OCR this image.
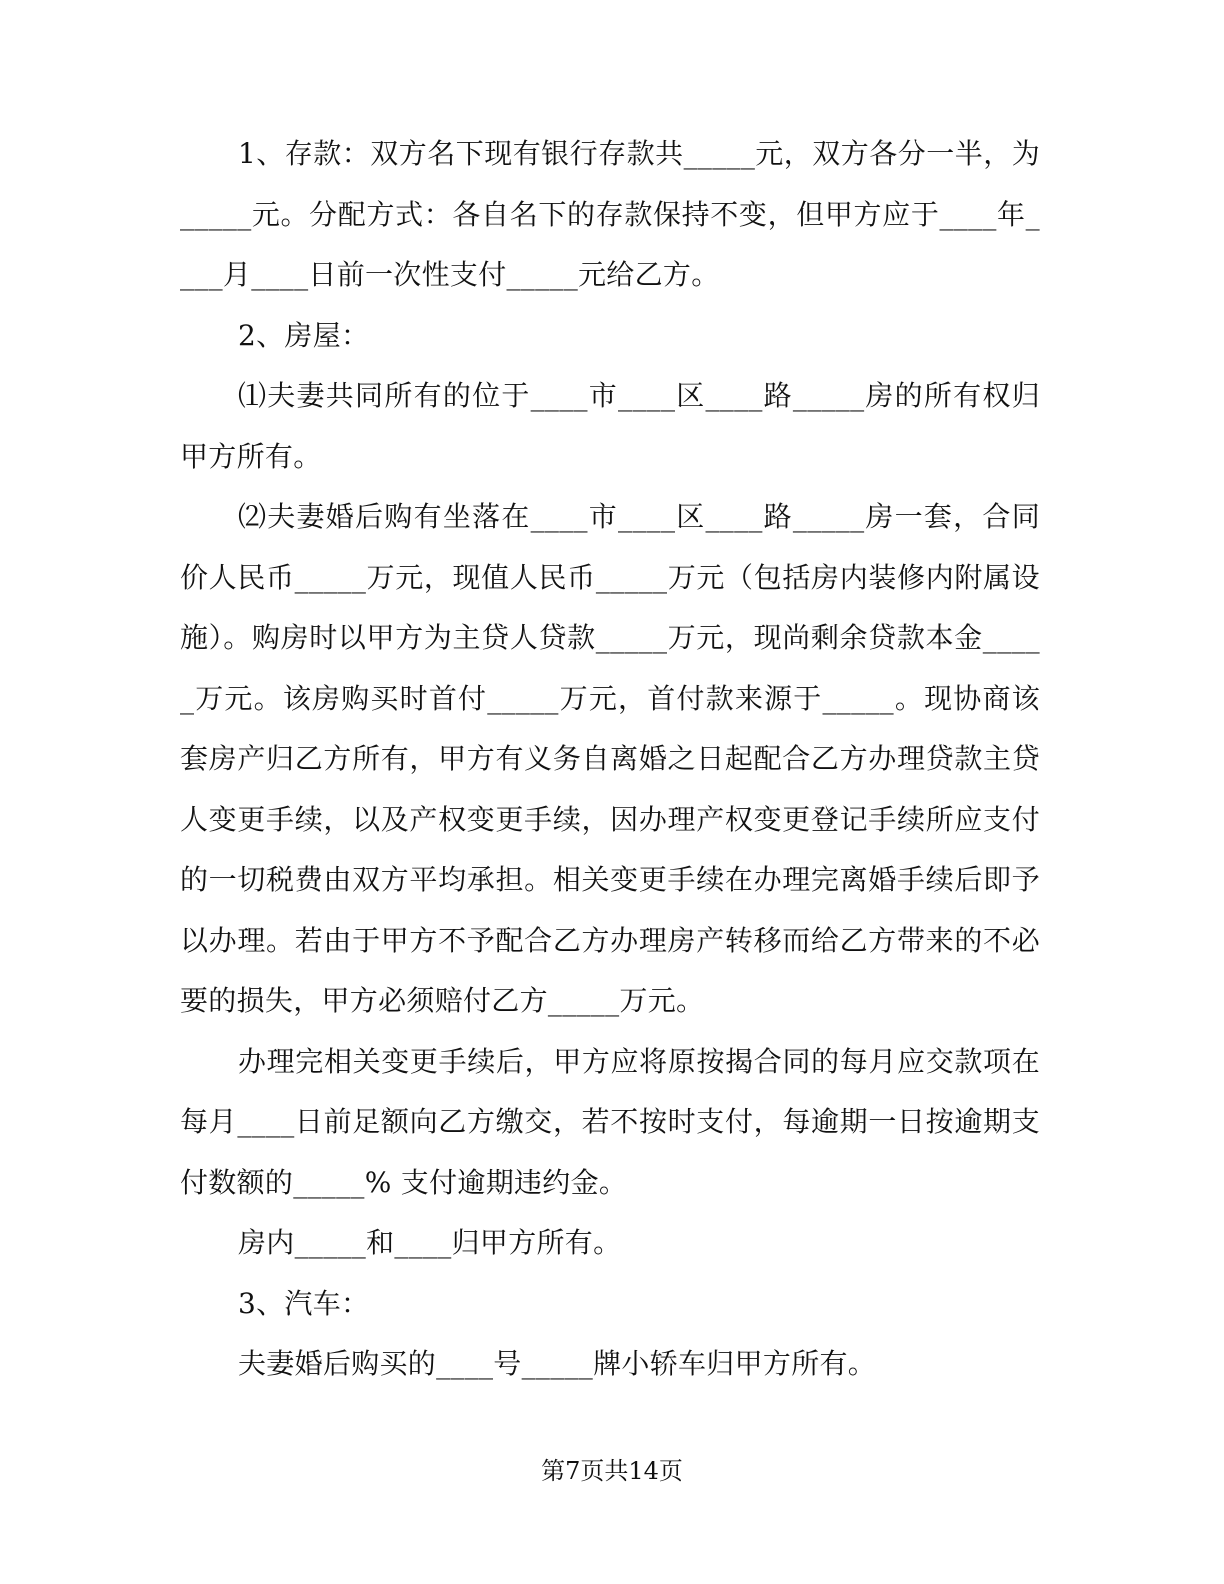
1、存款：双方名下现有银行存款共_____元，双方各分一半，为_____元。分配方式：各自名下的存款保持不变，但甲方应于____年____月____日前一次性支付_____元给乙方。

2、房屋：

⑴夫妻共同所有的位于____市____区____路_____房的所有权归甲方所有。

⑵夫妻婚后购有坐落在____市____区____路_____房一套，合同价人民币_____万元，现值人民币_____万元（包括房内装修内附属设施）。购房时以甲方为主贷人贷款_____万元，现尚剩余贷款本金_____万元。该房购买时首付_____万元，首付款来源于_____。现协商该套房产归乙方所有，甲方有义务自离婚之日起配合乙方办理贷款主贷人变更手续，以及产权变更手续，因办理产权变更登记手续所应支付的一切税费由双方平均承担。相关变更手续在办理完离婚手续后即予以办理。若由于甲方不予配合乙方办理房产转移而给乙方带来的不必要的损失，甲方必须赔付乙方_____万元。

办理完相关变更手续后，甲方应将原按揭合同的每月应交款项在每月____日前足额向乙方缴交，若不按时支付，每逾期一日按逾期支付数额的_____% 支付逾期违约金。

房内_____和____归甲方所有。

3、汽车：

夫妻婚后购买的____号_____牌小轿车归甲方所有。

第7页共14页
